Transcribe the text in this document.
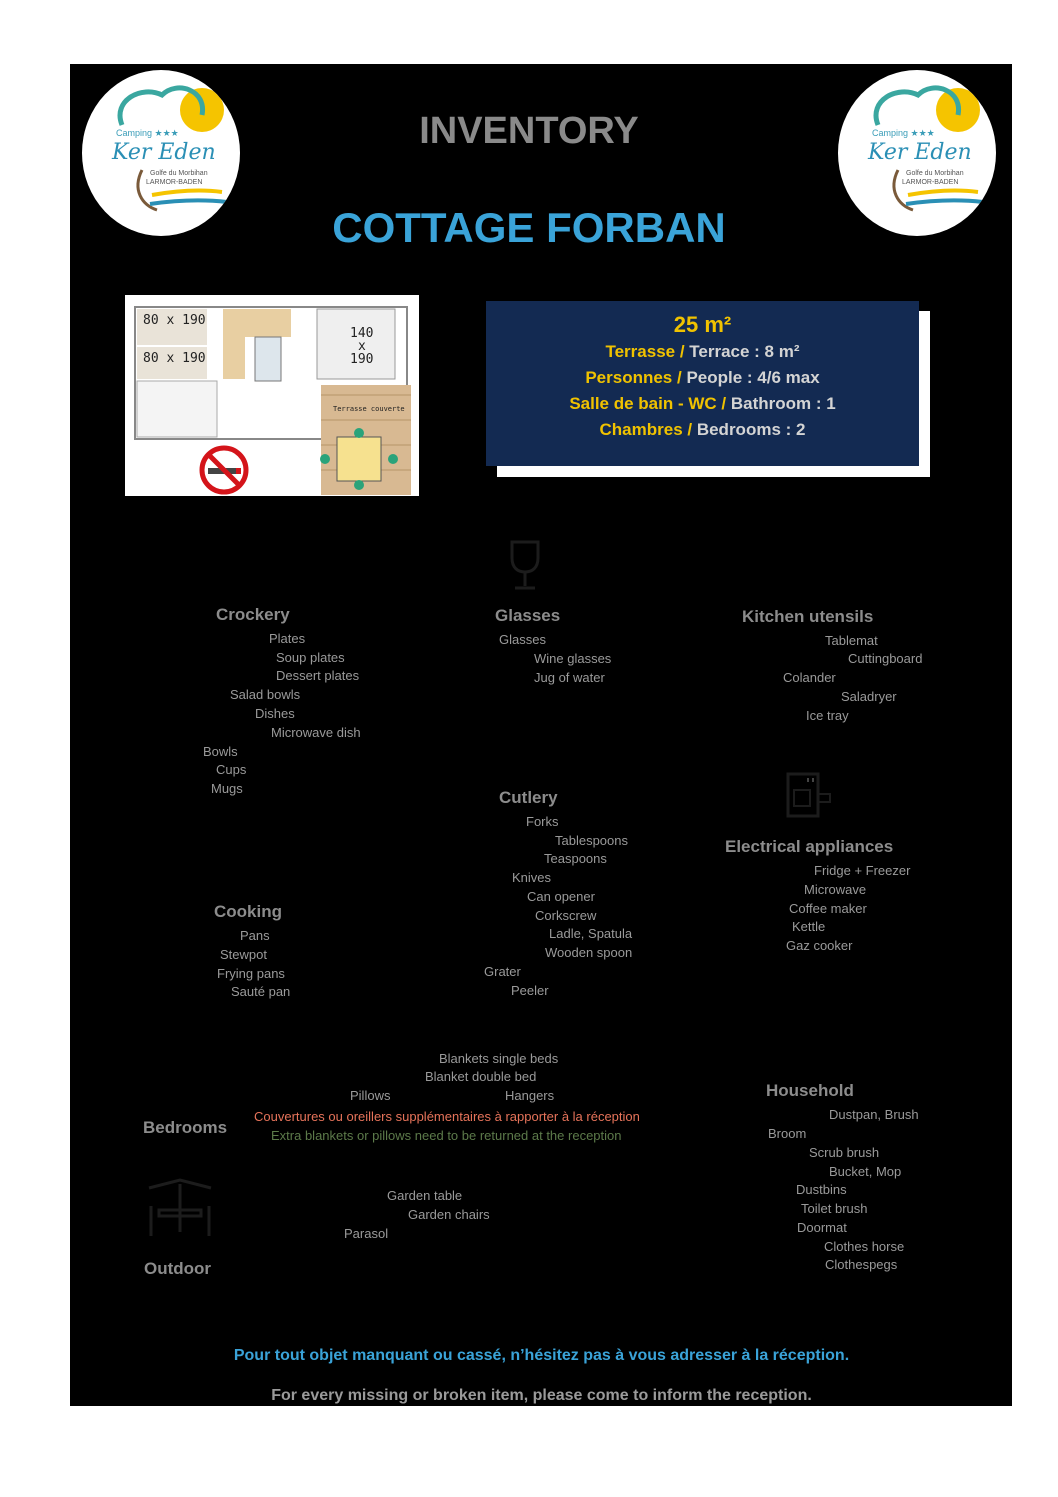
Camping ★★★
Ker Eden
Golfe du Morbihan
LARMOR-BADEN
Camping ★★★
Ker Eden
Golfe du Morbihan
LARMOR-BADEN
INVENTORY
COTTAGE FORBAN
80 x 190
80 x 190
140
x
190
Terrasse couverte
25 m²
Terrasse / Terrace : 8 m²
Personnes / People : 4/6 max
Salle de bain - WC / Bathroom : 1
Chambres / Bedrooms : 2
Crockery
Plates
Soup plates
Dessert plates
Salad bowls
Dishes
Microwave dish
Bowls
Cups
Mugs
Glasses
Glasses
Wine glasses
Jug of water
Kitchen utensils
Tablemat
Cuttingboard
Colander
Saladryer
Ice tray
Cutlery
Forks
Tablespoons
Teaspoons
Knives
Can opener
Corkscrew
Ladle, Spatula
Wooden spoon
Grater
Peeler
Electrical appliances
Fridge + Freezer
Microwave
Coffee maker
Kettle
Gaz cooker
Cooking
Pans
Stewpot
Frying pans
Sauté pan
Bedrooms
Blankets single beds
Blanket double bed
Pillows	Hangers
Couvertures ou oreillers supplémentaires à rapporter à la réception
Extra blankets or pillows need to be returned at the reception
Household
Dustpan, Brush
Broom
Scrub brush
Bucket, Mop
Dustbins
Toilet brush
Doormat
Clothes horse
Clothespegs
Outdoor
Garden table
Garden chairs
Parasol
Pour tout objet manquant ou cassé, n’hésitez pas à vous adresser à la réception.
For every missing or broken item, please come to inform the reception.
